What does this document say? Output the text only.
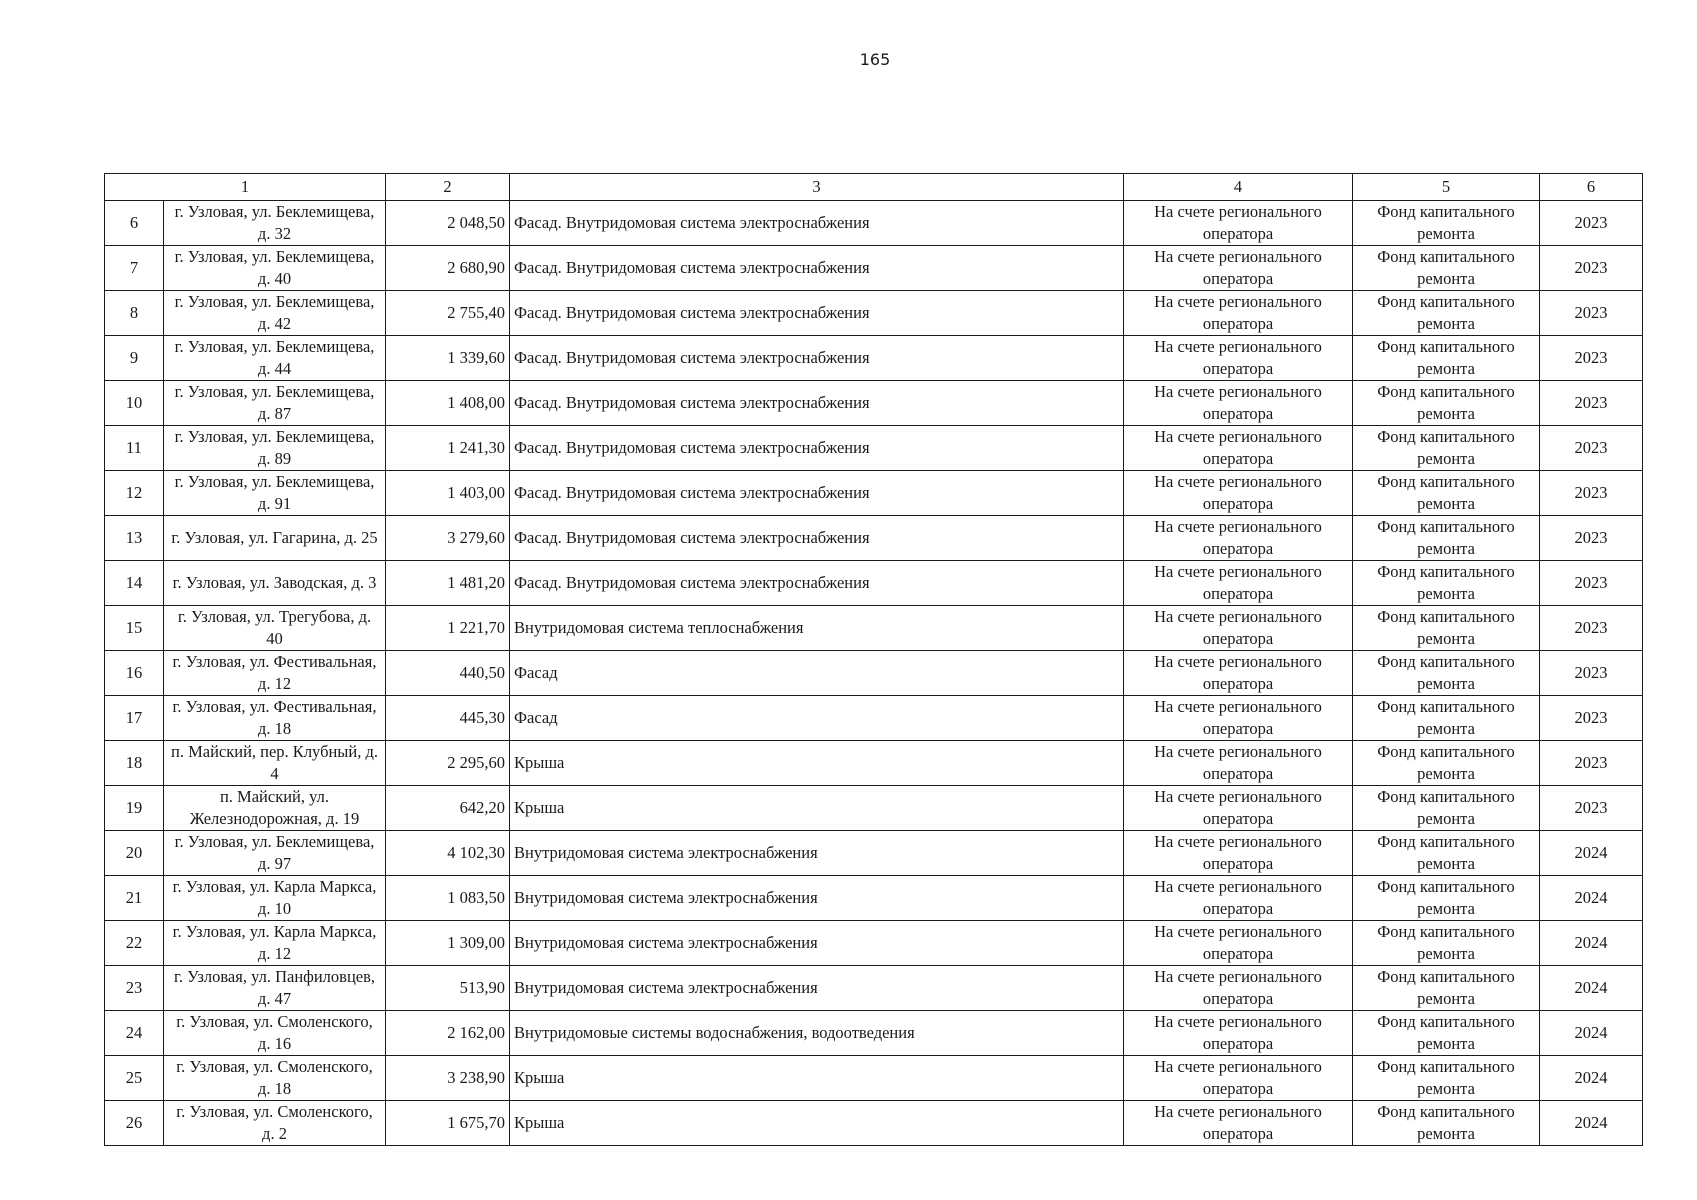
165
1		2	3	4	5	6
6	г. Узловая, ул. Беклемищева, д. 32	2 048,50	Фасад. Внутридомовая система электроснабжения	На счете регионального оператора	Фонд капитального ремонта	2023
7	г. Узловая, ул. Беклемищева, д. 40	2 680,90	Фасад. Внутридомовая система электроснабжения	На счете регионального оператора	Фонд капитального ремонта	2023
8	г. Узловая, ул. Беклемищева, д. 42	2 755,40	Фасад. Внутридомовая система электроснабжения	На счете регионального оператора	Фонд капитального ремонта	2023
9	г. Узловая, ул. Беклемищева, д. 44	1 339,60	Фасад. Внутридомовая система электроснабжения	На счете регионального оператора	Фонд капитального ремонта	2023
10	г. Узловая, ул. Беклемищева, д. 87	1 408,00	Фасад. Внутридомовая система электроснабжения	На счете регионального оператора	Фонд капитального ремонта	2023
11	г. Узловая, ул. Беклемищева, д. 89	1 241,30	Фасад. Внутридомовая система электроснабжения	На счете регионального оператора	Фонд капитального ремонта	2023
12	г. Узловая, ул. Беклемищева, д. 91	1 403,00	Фасад. Внутридомовая система электроснабжения	На счете регионального оператора	Фонд капитального ремонта	2023
13	г. Узловая, ул. Гагарина, д. 25	3 279,60	Фасад. Внутридомовая система электроснабжения	На счете регионального оператора	Фонд капитального ремонта	2023
14	г. Узловая, ул. Заводская, д. 3	1 481,20	Фасад. Внутридомовая система электроснабжения	На счете регионального оператора	Фонд капитального ремонта	2023
15	г. Узловая, ул. Трегубова, д. 40	1 221,70	Внутридомовая система теплоснабжения	На счете регионального оператора	Фонд капитального ремонта	2023
16	г. Узловая, ул. Фестивальная, д. 12	440,50	Фасад	На счете регионального оператора	Фонд капитального ремонта	2023
17	г. Узловая, ул. Фестивальная, д. 18	445,30	Фасад	На счете регионального оператора	Фонд капитального ремонта	2023
18	п. Майский, пер. Клубный, д. 4	2 295,60	Крыша	На счете регионального оператора	Фонд капитального ремонта	2023
19	п. Майский, ул. Железнодорожная, д. 19	642,20	Крыша	На счете регионального оператора	Фонд капитального ремонта	2023
20	г. Узловая, ул. Беклемищева, д. 97	4 102,30	Внутридомовая система электроснабжения	На счете регионального оператора	Фонд капитального ремонта	2024
21	г. Узловая, ул. Карла Маркса, д. 10	1 083,50	Внутридомовая система электроснабжения	На счете регионального оператора	Фонд капитального ремонта	2024
22	г. Узловая, ул. Карла Маркса, д. 12	1 309,00	Внутридомовая система электроснабжения	На счете регионального оператора	Фонд капитального ремонта	2024
23	г. Узловая, ул. Панфиловцев, д. 47	513,90	Внутридомовая система электроснабжения	На счете регионального оператора	Фонд капитального ремонта	2024
24	г. Узловая, ул. Смоленского, д. 16	2 162,00	Внутридомовые системы водоснабжения, водоотведения	На счете регионального оператора	Фонд капитального ремонта	2024
25	г. Узловая, ул. Смоленского, д. 18	3 238,90	Крыша	На счете регионального оператора	Фонд капитального ремонта	2024
26	г. Узловая, ул. Смоленского, д. 2	1 675,70	Крыша	На счете регионального оператора	Фонд капитального ремонта	2024
